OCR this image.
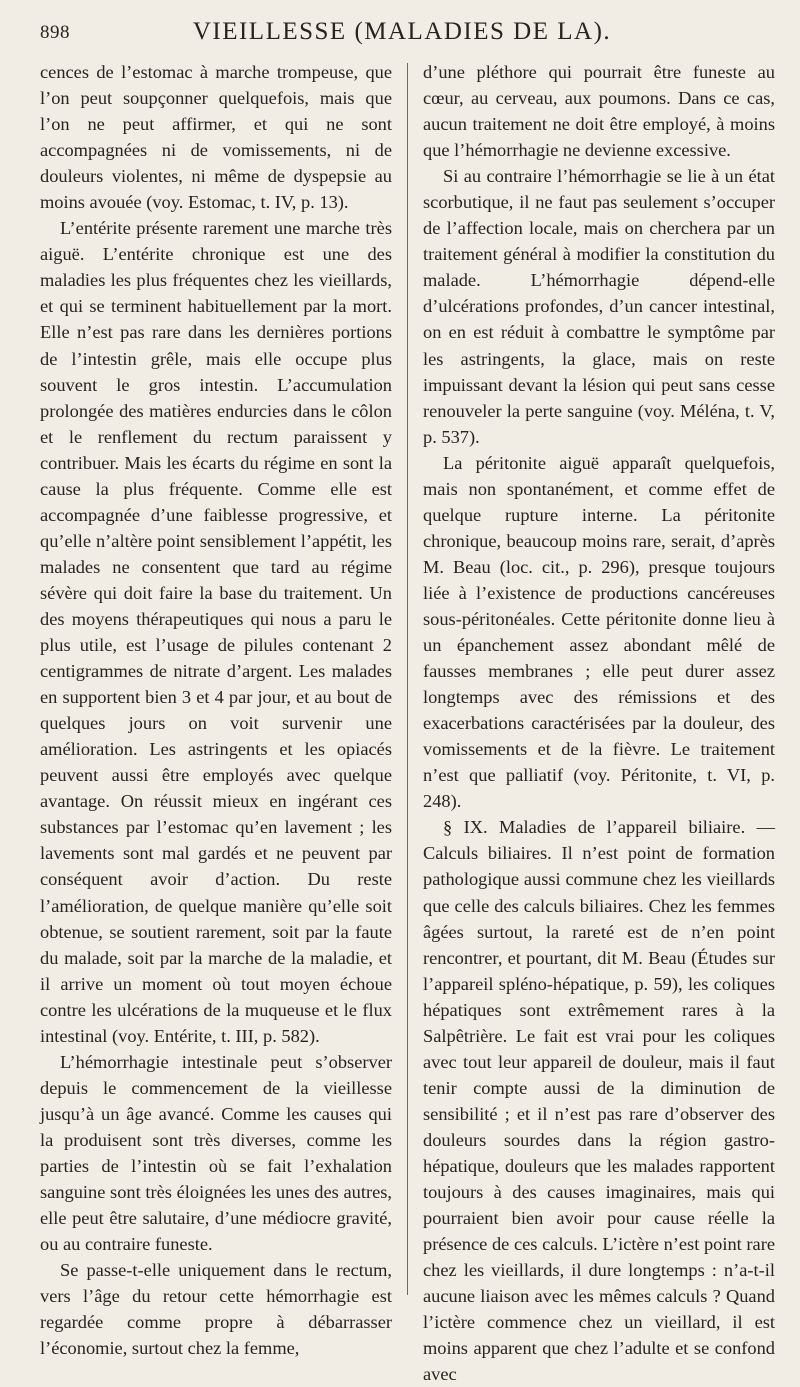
898	VIEILLESSE (MALADIES DE LA).

cences de l’estomac à marche trompeuse, que l’on peut soupçonner quelquefois, mais que l’on ne peut affirmer, et qui ne sont accompagnées ni de vomissements, ni de douleurs violentes, ni même de dyspepsie au moins avouée (voy. Estomac, t. IV, p. 13).

L’entérite présente rarement une marche très aiguë. L’entérite chronique est une des maladies les plus fréquentes chez les vieillards, et qui se terminent habituellement par la mort. Elle n’est pas rare dans les dernières portions de l’intestin grêle, mais elle occupe plus souvent le gros intestin. L’accumulation prolongée des matières endurcies dans le côlon et le renflement du rectum paraissent y contribuer. Mais les écarts du régime en sont la cause la plus fréquente. Comme elle est accompagnée d’une faiblesse progressive, et qu’elle n’altère point sensiblement l’appétit, les malades ne consentent que tard au régime sévère qui doit faire la base du traitement. Un des moyens thérapeutiques qui nous a paru le plus utile, est l’usage de pilules contenant 2 centigrammes de nitrate d’argent. Les malades en supportent bien 3 et 4 par jour, et au bout de quelques jours on voit survenir une amélioration. Les astringents et les opiacés peuvent aussi être employés avec quelque avantage. On réussit mieux en ingérant ces substances par l’estomac qu’en lavement ; les lavements sont mal gardés et ne peuvent par conséquent avoir d’action. Du reste l’amélioration, de quelque manière qu’elle soit obtenue, se soutient rarement, soit par la faute du malade, soit par la marche de la maladie, et il arrive un moment où tout moyen échoue contre les ulcérations de la muqueuse et le flux intestinal (voy. Entérite, t. III, p. 582).

L’hémorrhagie intestinale peut s’observer depuis le commencement de la vieillesse jusqu’à un âge avancé. Comme les causes qui la produisent sont très diverses, comme les parties de l’intestin où se fait l’exhalation sanguine sont très éloignées les unes des autres, elle peut être salutaire, d’une médiocre gravité, ou au contraire funeste.

Se passe-t-elle uniquement dans le rectum, vers l’âge du retour cette hémorrhagie est regardée comme propre à débarrasser l’économie, surtout chez la femme,

d’une pléthore qui pourrait être funeste au cœur, au cerveau, aux poumons. Dans ce cas, aucun traitement ne doit être employé, à moins que l’hémorrhagie ne devienne excessive.

Si au contraire l’hémorrhagie se lie à un état scorbutique, il ne faut pas seulement s’occuper de l’affection locale, mais on cherchera par un traitement général à modifier la constitution du malade. L’hémorrhagie dépend-elle d’ulcérations profondes, d’un cancer intestinal, on en est réduit à combattre le symptôme par les astringents, la glace, mais on reste impuissant devant la lésion qui peut sans cesse renouveler la perte sanguine (voy. Méléna, t. V, p. 537).

La péritonite aiguë apparaît quelquefois, mais non spontanément, et comme effet de quelque rupture interne. La péritonite chronique, beaucoup moins rare, serait, d’après M. Beau (loc. cit., p. 296), presque toujours liée à l’existence de productions cancéreuses sous-péritonéales. Cette péritonite donne lieu à un épanchement assez abondant mêlé de fausses membranes ; elle peut durer assez longtemps avec des rémissions et des exacerbations caractérisées par la douleur, des vomissements et de la fièvre. Le traitement n’est que palliatif (voy. Péritonite, t. VI, p. 248).

§ IX. Maladies de l’appareil biliaire. — Calculs biliaires. Il n’est point de formation pathologique aussi commune chez les vieillards que celle des calculs biliaires. Chez les femmes âgées surtout, la rareté est de n’en point rencontrer, et pourtant, dit M. Beau (Études sur l’appareil spléno-hépatique, p. 59), les coliques hépatiques sont extrêmement rares à la Salpêtrière. Le fait est vrai pour les coliques avec tout leur appareil de douleur, mais il faut tenir compte aussi de la diminution de sensibilité ; et il n’est pas rare d’observer des douleurs sourdes dans la région gastro-hépatique, douleurs que les malades rapportent toujours à des causes imaginaires, mais qui pourraient bien avoir pour cause réelle la présence de ces calculs. L’ictère n’est point rare chez les vieillards, il dure longtemps : n’a-t-il aucune liaison avec les mêmes calculs ? Quand l’ictère commence chez un vieillard, il est moins apparent que chez l’adulte et se confond avec
